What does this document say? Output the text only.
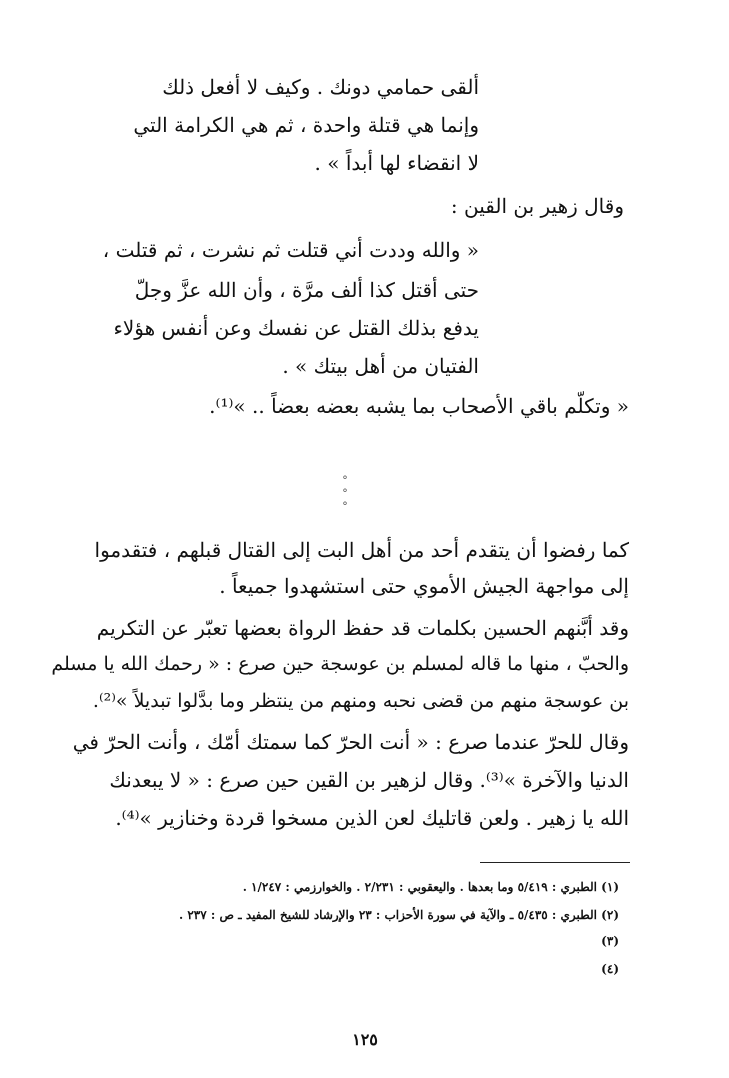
ألقى حمامي دونك . وكيف لا أفعل ذلك
وإنما هي قتلة واحدة ، ثم هي الكرامة التي
لا انقضاء لها أبداً » .
وقال زهير بن القين :
« والله وددت أني قتلت ثم نشرت ، ثم قتلت ،
حتى أقتل كذا ألف مرَّة ، وأن الله عزَّ وجلّ
يدفع بذلك القتل عن نفسك وعن أنفس هؤلاء
الفتيان من أهل بيتك » .
« وتكلّم باقي الأصحاب بما يشبه بعضه بعضاً .. »⁽¹⁾.
° ° °
كما رفضوا أن يتقدم أحد من أهل البت إلى القتال قبلهم ، فتقدموا
إلى مواجهة الجيش الأموي حتى استشهدوا جميعاً .
وقد أبَّنهم الحسين بكلمات قد حفظ الرواة بعضها تعبّر عن التكريم
والحبّ ، منها ما قاله لمسلم بن عوسجة حين صرع : « رحمك الله يا مسلم
بن عوسجة منهم من قضى نحبه ومنهم من ينتظر وما بدَّلوا تبديلاً »⁽²⁾.
وقال للحرّ عندما صرع : « أنت الحرّ كما سمتك أمّك ، وأنت الحرّ في
الدنيا والآخرة »⁽³⁾. وقال لزهير بن القين حين صرع : « لا يبعدنك
الله يا زهير . ولعن قاتليك لعن الذين مسخوا قردة وخنازير »⁽⁴⁾.
(١) الطبري : ٥/٤١٩ وما بعدها . واليعقوبي : ٢/٢٣١ . والخوارزمي : ١/٢٤٧ .
(٢) الطبري : ٥/٤٣٥ ـ والآية في سورة الأحزاب : ٢٣ والإرشاد للشيخ المفيد ـ ص : ٢٣٧ .
(٣)
(٤)
١٢٥
